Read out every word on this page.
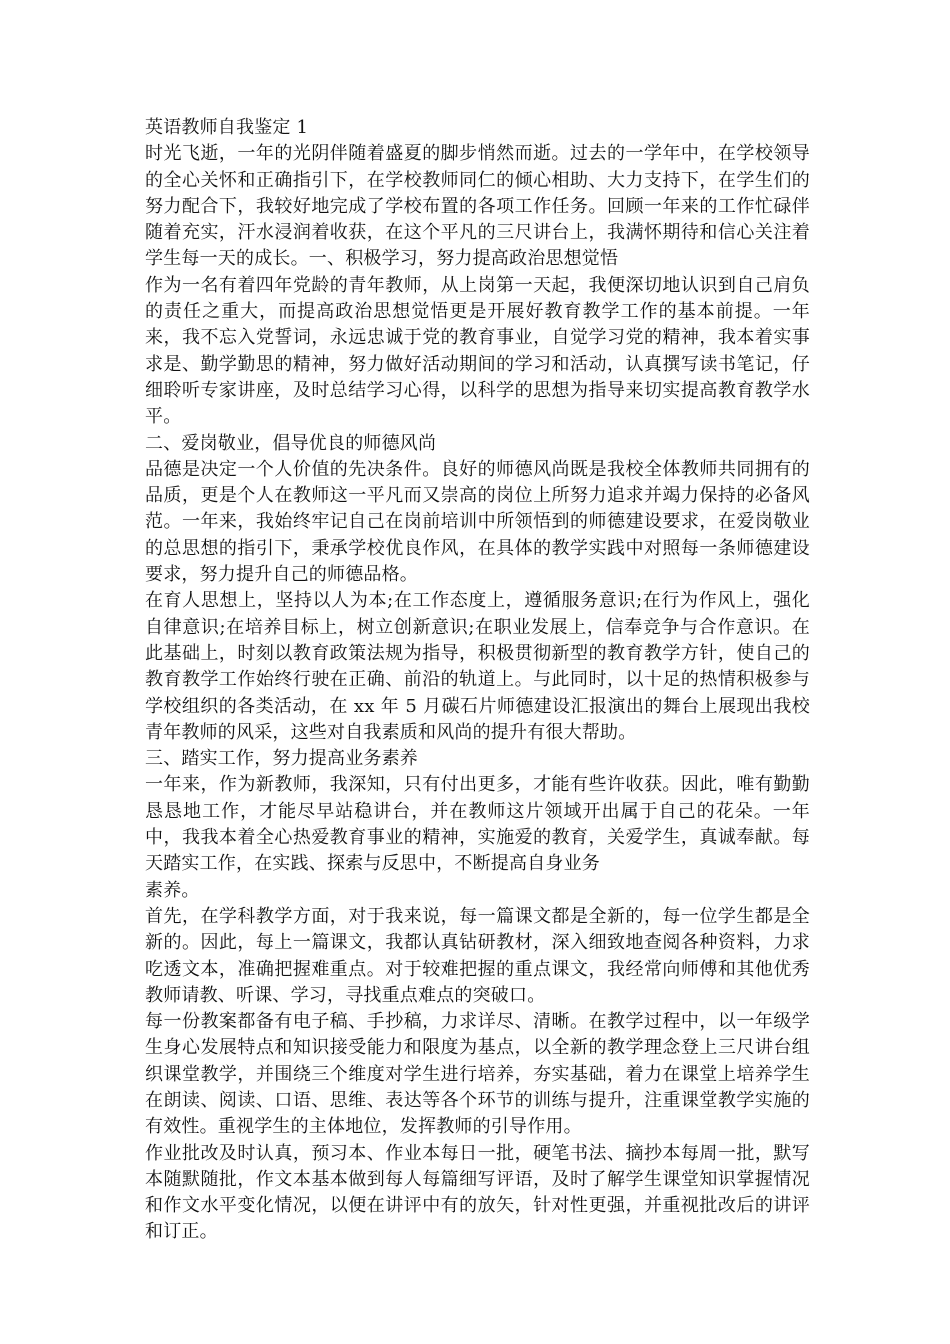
英语教师自我鉴定 1

时光飞逝，一年的光阴伴随着盛夏的脚步悄然而逝。过去的一学年中，在学校领导的全心关怀和正确指引下，在学校教师同仁的倾心相助、大力支持下，在学生们的努力配合下，我较好地完成了学校布置的各项工作任务。回顾一年来的工作忙碌伴随着充实，汗水浸润着收获，在这个平凡的三尺讲台上，我满怀期待和信心关注着学生每一天的成长。一、积极学习，努力提高政治思想觉悟

作为一名有着四年党龄的青年教师，从上岗第一天起，我便深切地认识到自己肩负的责任之重大，而提高政治思想觉悟更是开展好教育教学工作的基本前提。一年来，我不忘入党誓词，永远忠诚于党的教育事业，自觉学习党的精神，我本着实事求是、勤学勤思的精神，努力做好活动期间的学习和活动，认真撰写读书笔记，仔细聆听专家讲座，及时总结学习心得，以科学的思想为指导来切实提高教育教学水平。

二、爱岗敬业，倡导优良的师德风尚

品德是决定一个人价值的先决条件。良好的师德风尚既是我校全体教师共同拥有的品质，更是个人在教师这一平凡而又崇高的岗位上所努力追求并竭力保持的必备风范。一年来，我始终牢记自己在岗前培训中所领悟到的师德建设要求，在爱岗敬业的总思想的指引下，秉承学校优良作风，在具体的教学实践中对照每一条师德建设要求，努力提升自己的师德品格。

在育人思想上，坚持以人为本;在工作态度上，遵循服务意识;在行为作风上，强化自律意识;在培养目标上，树立创新意识;在职业发展上，信奉竞争与合作意识。在此基础上，时刻以教育政策法规为指导，积极贯彻新型的教育教学方针，使自己的教育教学工作始终行驶在正确、前沿的轨道上。与此同时，以十足的热情积极参与学校组织的各类活动，在 xx 年 5 月碳石片师德建设汇报演出的舞台上展现出我校青年教师的风采，这些对自我素质和风尚的提升有很大帮助。

三、踏实工作，努力提高业务素养

一年来，作为新教师，我深知，只有付出更多，才能有些许收获。因此，唯有勤勤恳恳地工作，才能尽早站稳讲台，并在教师这片领域开出属于自己的花朵。一年中，我我本着全心热爱教育事业的精神，实施爱的教育，关爱学生，真诚奉献。每天踏实工作，在实践、探索与反思中，不断提高自身业务

素养。

首先，在学科教学方面，对于我来说，每一篇课文都是全新的，每一位学生都是全新的。因此，每上一篇课文，我都认真钻研教材，深入细致地查阅各种资料，力求吃透文本，准确把握难重点。对于较难把握的重点课文，我经常向师傅和其他优秀教师请教、听课、学习，寻找重点难点的突破口。

每一份教案都备有电子稿、手抄稿，力求详尽、清晰。在教学过程中，以一年级学生身心发展特点和知识接受能力和限度为基点，以全新的教学理念登上三尺讲台组织课堂教学，并围绕三个维度对学生进行培养，夯实基础，着力在课堂上培养学生在朗读、阅读、口语、思维、表达等各个环节的训练与提升，注重课堂教学实施的有效性。重视学生的主体地位，发挥教师的引导作用。

作业批改及时认真，预习本、作业本每日一批，硬笔书法、摘抄本每周一批，默写本随默随批，作文本基本做到每人每篇细写评语，及时了解学生课堂知识掌握情况和作文水平变化情况，以便在讲评中有的放矢，针对性更强，并重视批改后的讲评和订正。
